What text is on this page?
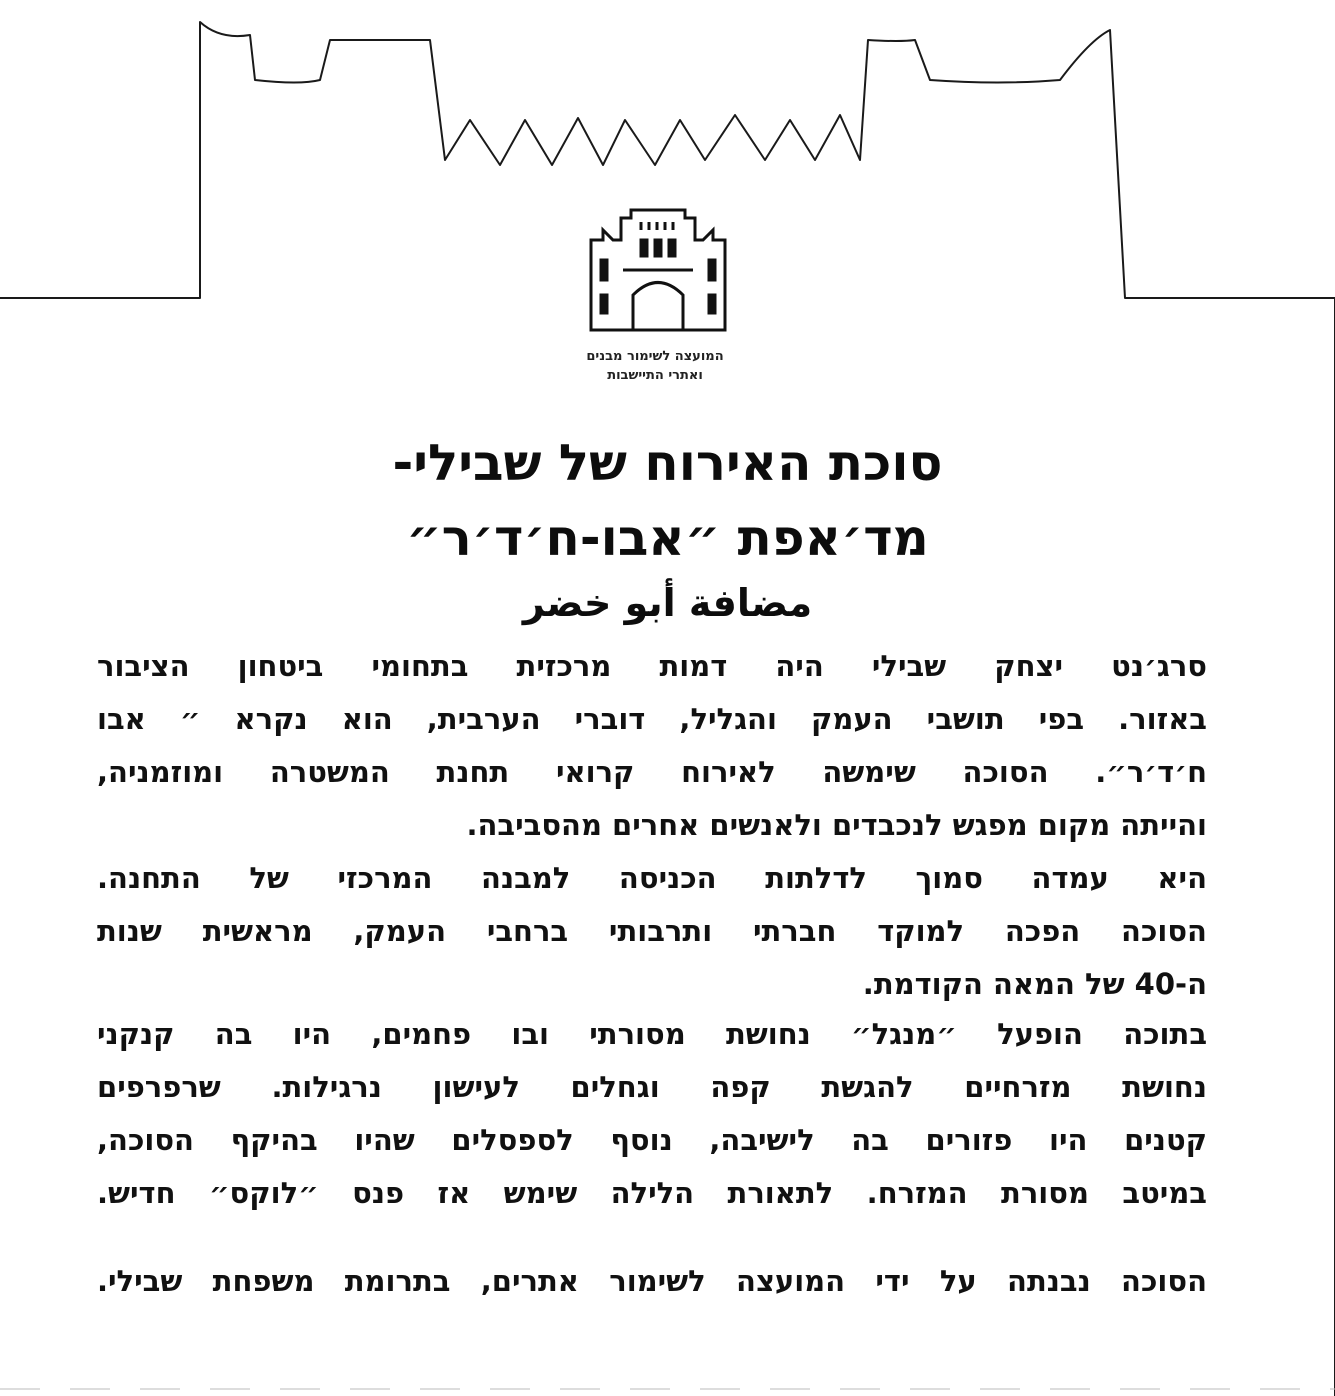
המועצה לשימור מבנים
ואתרי התיישבות
סוכת האירוח של שבילי-
מד׳אפת ״אבו-ח׳ד׳ר״
مضافة أبو خضر
סרג׳נט יצחק שבילי היה דמות מרכזית בתחומי ביטחון הציבור
באזור. בפי תושבי העמק והגליל, דוברי הערבית, הוא נקרא ״ אבו
ח׳ד׳ר״. הסוכה שימשה לאירוח קרואי תחנת המשטרה ומוזמניה,
והייתה מקום מפגש לנכבדים ולאנשים אחרים מהסביבה.
היא עמדה סמוך לדלתות הכניסה למבנה המרכזי של התחנה.
הסוכה הפכה למוקד חברתי ותרבותי ברחבי העמק, מראשית שנות
ה-40 של המאה הקודמת.
בתוכה הופעל ״מנגל״ נחושת מסורתי ובו פחמים, היו בה קנקני
נחושת מזרחיים להגשת קפה וגחלים לעישון נרגילות. שרפרפים
קטנים היו פזורים בה לישיבה, נוסף לספסלים שהיו בהיקף הסוכה,
במיטב מסורת המזרח. לתאורת הלילה שימש אז פנס ״לוקס״ חדיש.
הסוכה נבנתה על ידי המועצה לשימור אתרים, בתרומת משפחת שבילי.
